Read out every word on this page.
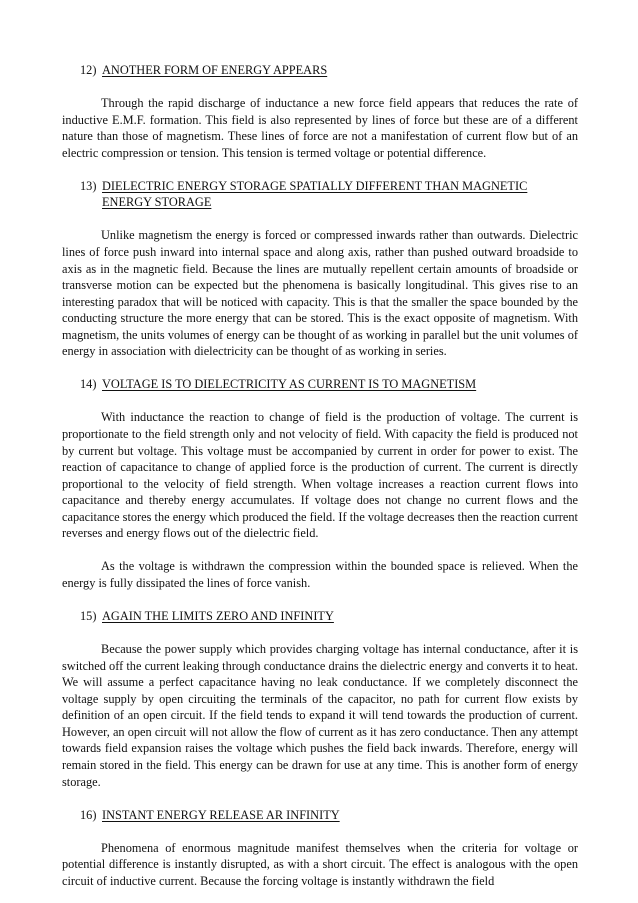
12) ANOTHER FORM OF ENERGY APPEARS

Through the rapid discharge of inductance a new force field appears that reduces the rate of inductive E.M.F. formation. This field is also represented by lines of force but these are of a different nature than those of magnetism. These lines of force are not a manifestation of current flow but of an electric compression or tension. This tension is termed voltage or potential difference.

13) DIELECTRIC ENERGY STORAGE SPATIALLY DIFFERENT THAN MAGNETIC ENERGY STORAGE

Unlike magnetism the energy is forced or compressed inwards rather than outwards. Dielectric lines of force push inward into internal space and along axis, rather than pushed outward broadside to axis as in the magnetic field. Because the lines are mutually repellent certain amounts of broadside or transverse motion can be expected but the phenomena is basically longitudinal. This gives rise to an interesting paradox that will be noticed with capacity. This is that the smaller the space bounded by the conducting structure the more energy that can be stored. This is the exact opposite of magnetism. With magnetism, the units volumes of energy can be thought of as working in parallel but the unit volumes of energy in association with dielectricity can be thought of as working in series.

14) VOLTAGE IS TO DIELECTRICITY AS CURRENT IS TO MAGNETISM

With inductance the reaction to change of field is the production of voltage. The current is proportionate to the field strength only and not velocity of field. With capacity the field is produced not by current but voltage. This voltage must be accompanied by current in order for power to exist. The reaction of capacitance to change of applied force is the production of current. The current is directly proportional to the velocity of field strength. When voltage increases a reaction current flows into capacitance and thereby energy accumulates. If voltage does not change no current flows and the capacitance stores the energy which produced the field. If the voltage decreases then the reaction current reverses and energy flows out of the dielectric field.

As the voltage is withdrawn the compression within the bounded space is relieved. When the energy is fully dissipated the lines of force vanish.

15) AGAIN THE LIMITS ZERO AND INFINITY

Because the power supply which provides charging voltage has internal conductance, after it is switched off the current leaking through conductance drains the dielectric energy and converts it to heat. We will assume a perfect capacitance having no leak conductance. If we completely disconnect the voltage supply by open circuiting the terminals of the capacitor, no path for current flow exists by definition of an open circuit. If the field tends to expand it will tend towards the production of current. However, an open circuit will not allow the flow of current as it has zero conductance. Then any attempt towards field expansion raises the voltage which pushes the field back inwards. Therefore, energy will remain stored in the field. This energy can be drawn for use at any time. This is another form of energy storage.

16) INSTANT ENERGY RELEASE AR INFINITY

Phenomena of enormous magnitude manifest themselves when the criteria for voltage or potential difference is instantly disrupted, as with a short circuit. The effect is analogous with the open circuit of inductive current. Because the forcing voltage is instantly withdrawn the field
